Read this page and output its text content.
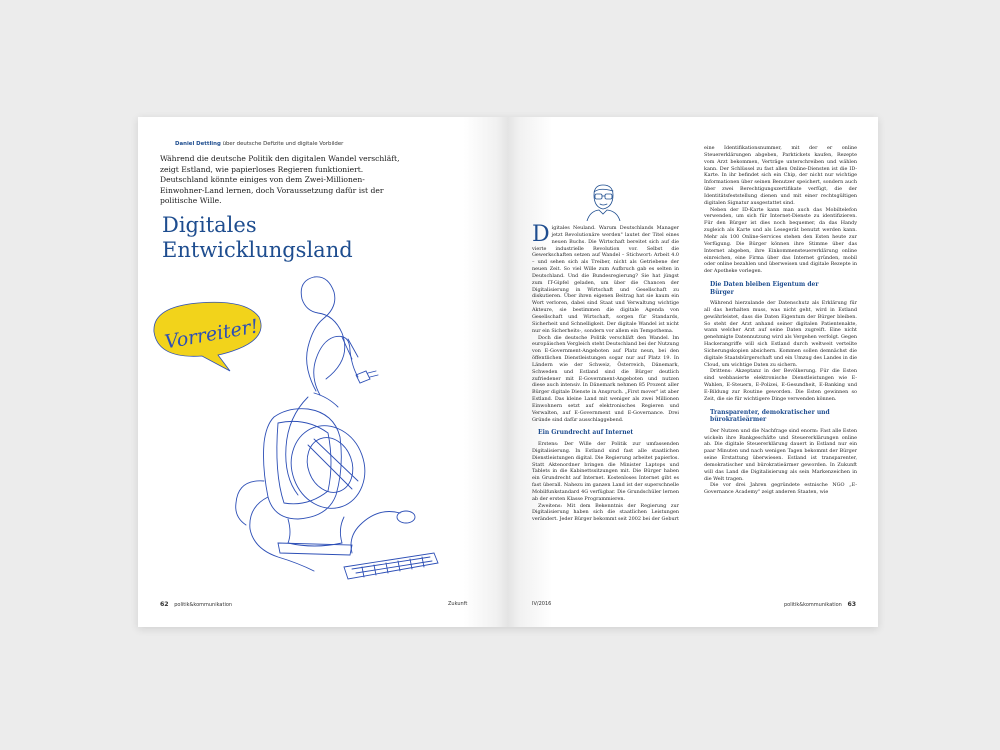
Daniel Dettling über deutsche Defizite und digitale Vorbilder
Während die deutsche Politik den digitalen Wandel verschläft, zeigt Estland, wie papierloses Regieren funktioniert. Deutschland könnte einiges von dem Zwei-Millionen-Einwohner-Land lernen, doch Voraussetzung dafür ist der politische Wille.
Digitales
Entwicklungsland
Vorreiter!
62 politik&kommunikation	Zukunft

Digitales Neuland. Warum Deutschlands Manager jetzt Revolutionäre werden" lautet der Titel eines neuen Buchs. Die Wirtschaft bereitet sich auf die vierte industrielle Revolution vor. Selbst die Gewerkschaften setzen auf Wandel – Stichwort: Arbeit 4.0 – und sehen sich als Treiber, nicht als Getriebene der neuen Zeit. So viel Wille zum Aufbruch gab es selten in Deutschland. Und die Bundesregierung? Sie hat jüngst zum IT-Gipfel geladen, um über die Chancen der Digitalisierung in Wirtschaft und Gesellschaft zu diskutieren. Über ihren eigenen Beitrag hat sie kaum ein Wort verloren, dabei sind Staat und Verwaltung wichtige Akteure, sie bestimmen die digitale Agenda von Gesellschaft und Wirtschaft, sorgen für Standards, Sicherheit und Schnelligkeit. Der digitale Wandel ist nicht nur ein Sicherheits-, sondern vor allem ein Tempothema.

Doch die deutsche Politik verschläft den Wandel. Im europäischen Vergleich steht Deutschland bei der Nutzung von E-Government-Angeboten auf Platz neun, bei den öffentlichen Dienstleistungen sogar nur auf Platz 19. In Ländern wie der Schweiz, Österreich, Dänemark, Schweden und Estland sind die Bürger deutlich zufriedener mit E-Government-Angeboten und nutzen diese auch intensiv. In Dänemark nehmen 85 Prozent aller Bürger digitale Dienste in Anspruch. „First mover" ist aber Estland. Das kleine Land mit weniger als zwei Millionen Einwohnern setzt auf elektronisches Regieren und Verwalten, auf E-Government und E-Governance. Drei Gründe sind dafür ausschlaggebend.

Ein Grundrecht auf Internet

Erstens: Der Wille der Politik zur umfassenden Digitalisierung. In Estland sind fast alle staatlichen Dienstleistungen digital. Die Regierung arbeitet papierlos. Statt Aktenordner bringen die Minister Laptops und Tablets in die Kabinettssitzungen mit. Die Bürger haben ein Grundrecht auf Internet. Kostenloses Internet gibt es fast überall. Nahezu im ganzen Land ist der superschnelle Mobilfunkstandard 4G verfügbar. Die Grundschüler lernen ab der ersten Klasse Programmieren.

Zweitens: Mit dem Bekenntnis der Regierung zur Digitalisierung haben sich die staatlichen Leistungen verändert. Jeder Bürger bekommt seit 2002 bei der Geburt

eine Identifikationsnummer, mit der er online Steuererklärungen abgeben, Parktickets kaufen, Rezepte vom Arzt bekommen, Verträge unterschreiben und wählen kann. Der Schlüssel zu fast allen Online-Diensten ist die ID-Karte. In ihr befindet sich ein Chip, der nicht nur wichtige Informationen über seinen Benutzer speichert, sondern auch über zwei Berechtigungszertifikate verfügt, die der Identitätsfeststellung dienen und mit einer rechtsgültigen digitalen Signatur ausgestattet sind.

Neben der ID-Karte kann man auch das Mobiltelefon verwenden, um sich für Internet-Dienste zu identifizieren. Für den Bürger ist dies noch bequemer, da das Handy zugleich als Karte und als Lesegerät benutzt werden kann. Mehr als 100 Online-Services stehen den Esten heute zur Verfügung. Die Bürger können ihre Stimme über das Internet abgeben, ihre Einkommensteuererklärung online einreichen, eine Firma über das Internet gründen, mobil oder online bezahlen und überweisen und digitale Rezepte in der Apotheke vorlegen.

Die Daten bleiben Eigentum der
Bürger

Während hierzulande der Datenschutz als Erklärung für all das herhalten muss, was nicht geht, wird in Estland gewährleistet, dass die Daten Eigentum der Bürger bleiben. So steht der Arzt anhand seiner digitalen Patientenakte, wann welcher Arzt auf seine Daten zugreift. Eine nicht genehmigte Datennutzung wird als Vergehen verfolgt. Gegen Hackerangriffe will sich Estland durch weltweit verteilte Sicherungskopien absichern. Kommen sollen demnächst die digitale Staatsbürgerschaft und ein Umzug des Landes in die Cloud, um wichtige Daten zu sichern.

Drittens: Akzeptanz in der Bevölkerung. Für die Esten sind webbasierte elektronische Dienstleistungen wie E-Wahlen, E-Steuern, E-Polizei, E-Gesundheit, E-Banking und E-Bildung zur Routine geworden. Die Esten gewinnen so Zeit, die sie für wichtigere Dinge verwenden können.

Transparenter, demokratischer und
bürokratieärmer

Der Nutzen und die Nachfrage sind enorm: Fast alle Esten wickeln ihre Bankgeschäfte und Steuererklärungen online ab. Die digitale Steuererklärung dauert in Estland nur ein paar Minuten und nach wenigen Tagen bekommt der Bürger seine Erstattung überwiesen. Estland ist transparenter, demokratischer und bürokratieärmer geworden. In Zukunft will das Land die Digitalisierung als sein Markenzeichen in die Welt tragen.

Die vor drei Jahren gegründete estnische NGO „E-Governance Academy" zeigt anderen Staaten, wie

IV/2016	politik&kommunikation 63
